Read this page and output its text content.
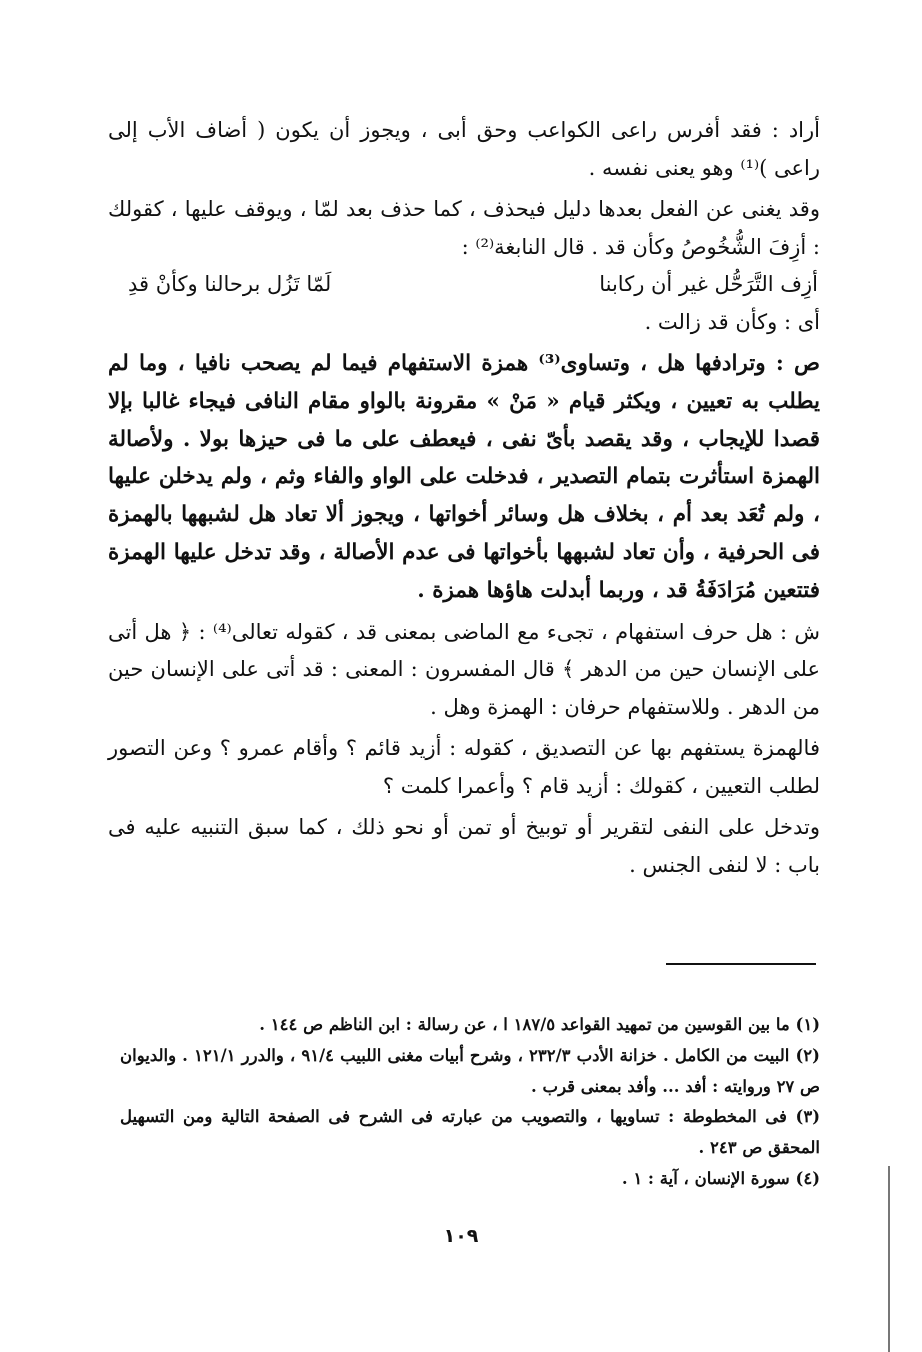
أراد : فقد أفرس راعى الكواعب وحق أبى ، ويجوز أن يكون ( أضاف الأب إلى راعى )⁽¹⁾ وهو يعنى نفسه .

وقد يغنى عن الفعل بعدها دليل فيحذف ، كما حذف بعد لمّا ، ويوقف عليها ، كقولك : أزِفَ الشُّخُوصُ وكأن قد . قال النابغة⁽²⁾ :

أزِف التَّرَحُّل غير أن ركابنا
لَمّا تَزُل برحالنا وكأنْ قدِ

أى : وكأن قد زالت .

ص : وترادفها هل ، وتساوى⁽³⁾ همزة الاستفهام فيما لم يصحب نافيا ، وما لم يطلب به تعيين ، ويكثر قيام « مَنْ » مقرونة بالواو مقام النافى فيجاء غالبا بإلا قصدا للإيجاب ، وقد يقصد بأىّ نفى ، فيعطف على ما فى حيزها بولا . ولأصالة الهمزة استأثرت بتمام التصدير ، فدخلت على الواو والفاء وثم ، ولم يدخلن عليها ، ولم تُعَد بعد أم ، بخلاف هل وسائر أخواتها ، ويجوز ألا تعاد هل لشبهها بالهمزة فى الحرفية ، وأن تعاد لشبهها بأخواتها فى عدم الأصالة ، وقد تدخل عليها الهمزة فتتعين مُرَادَفَةُ قد ، وربما أبدلت هاؤها همزة .

ش : هل حرف استفهام ، تجىء مع الماضى بمعنى قد ، كقوله تعالى⁽⁴⁾ : ﴿ هل أتى على الإنسان حين من الدهر ﴾ قال المفسرون : المعنى : قد أتى على الإنسان حين من الدهر . وللاستفهام حرفان : الهمزة وهل .

فالهمزة يستفهم بها عن التصديق ، كقوله : أزيد قائم ؟ وأقام عمرو ؟ وعن التصور لطلب التعيين ، كقولك : أزيد قام ؟ وأعمرا كلمت ؟

وتدخل على النفى لتقرير أو توبيخ أو تمن أو نحو ذلك ، كما سبق التنبيه عليه فى باب : لا لنفى الجنس .

(١) ما بين القوسين من تمهيد القواعد ١٨٧/٥ ا ، عن رسالة : ابن الناظم ص ١٤٤ .

(٢) البيت من الكامل . خزانة الأدب ٢٣٢/٣ ، وشرح أبيات مغنى اللبيب ٩١/٤ ، والدرر ١٢١/١ . والديوان ص ٢٧ وروايته : أفد ... وأفد بمعنى قرب .

(٣) فى المخطوطة : تساويها ، والتصويب من عبارته فى الشرح فى الصفحة التالية ومن التسهيل المحقق ص ٢٤٣ .

(٤) سورة الإنسان ، آية : ١ .

١٠٩
